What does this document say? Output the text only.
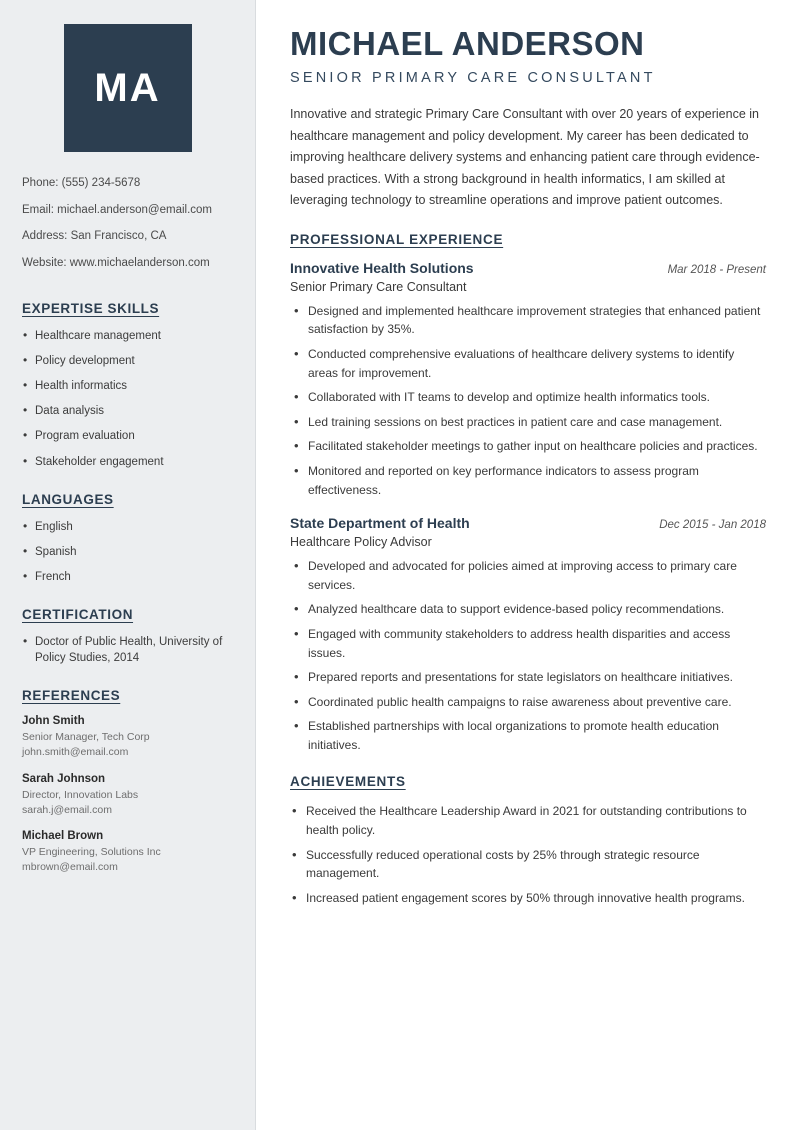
MA
Phone: (555) 234-5678
Email: michael.anderson@email.com
Address: San Francisco, CA
Website: www.michaelanderson.com
EXPERTISE SKILLS
• Healthcare management
• Policy development
• Health informatics
• Data analysis
• Program evaluation
• Stakeholder engagement
LANGUAGES
• English
• Spanish
• French
CERTIFICATION
• Doctor of Public Health, University of Policy Studies, 2014
REFERENCES
John Smith
Senior Manager, Tech Corp
john.smith@email.com
Sarah Johnson
Director, Innovation Labs
sarah.j@email.com
Michael Brown
VP Engineering, Solutions Inc
mbrown@email.com
MICHAEL ANDERSON
SENIOR PRIMARY CARE CONSULTANT

Innovative and strategic Primary Care Consultant with over 20 years of experience in healthcare management and policy development. My career has been dedicated to improving healthcare delivery systems and enhancing patient care through evidence-based practices. With a strong background in health informatics, I am skilled at leveraging technology to streamline operations and improve patient outcomes.

PROFESSIONAL EXPERIENCE
Innovative Health Solutions	Mar 2018 - Present
Senior Primary Care Consultant
• Designed and implemented healthcare improvement strategies that enhanced patient satisfaction by 35%.
• Conducted comprehensive evaluations of healthcare delivery systems to identify areas for improvement.
• Collaborated with IT teams to develop and optimize health informatics tools.
• Led training sessions on best practices in patient care and case management.
• Facilitated stakeholder meetings to gather input on healthcare policies and practices.
• Monitored and reported on key performance indicators to assess program effectiveness.
State Department of Health	Dec 2015 - Jan 2018
Healthcare Policy Advisor
• Developed and advocated for policies aimed at improving access to primary care services.
• Analyzed healthcare data to support evidence-based policy recommendations.
• Engaged with community stakeholders to address health disparities and access issues.
• Prepared reports and presentations for state legislators on healthcare initiatives.
• Coordinated public health campaigns to raise awareness about preventive care.
• Established partnerships with local organizations to promote health education initiatives.
ACHIEVEMENTS
• Received the Healthcare Leadership Award in 2021 for outstanding contributions to health policy.
• Successfully reduced operational costs by 25% through strategic resource management.
• Increased patient engagement scores by 50% through innovative health programs.
